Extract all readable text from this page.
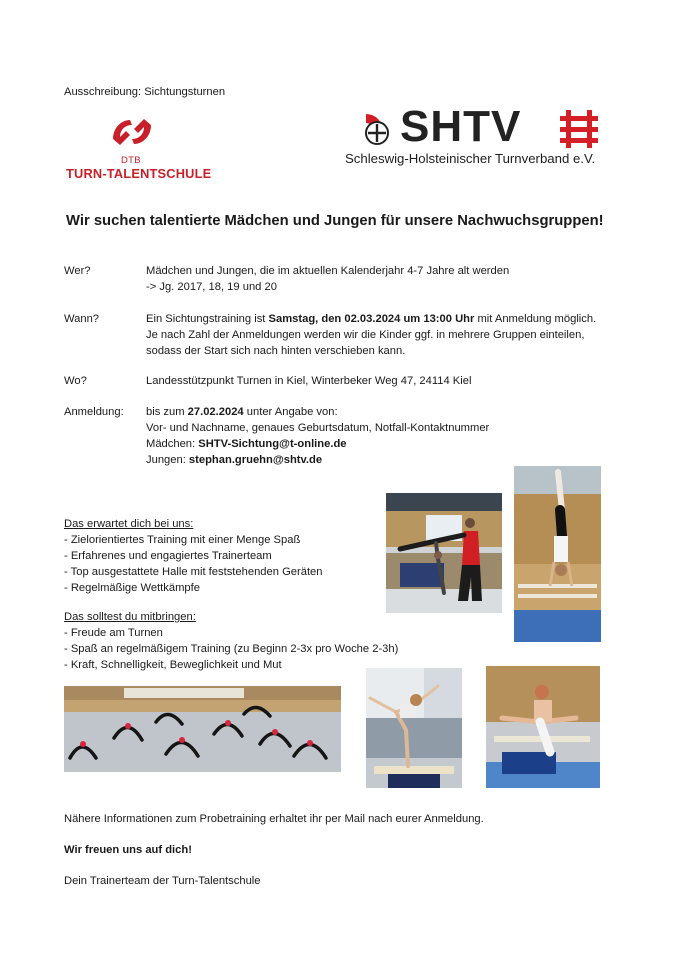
Ausschreibung: Sichtungsturnen
DTB
TURN-TALENTSCHULE
SHTV
Schleswig-Holsteinischer Turnverband e.V.
Wir suchen talentierte Mädchen und Jungen für unsere Nachwuchsgruppen!
Wer?	Mädchen und Jungen, die im aktuellen Kalenderjahr 4-7 Jahre alt werden
-> Jg. 2017, 18, 19 und 20
Wann?	Ein Sichtungstraining ist Samstag, den 02.03.2024 um 13:00 Uhr mit Anmeldung möglich.
Je nach Zahl der Anmeldungen werden wir die Kinder ggf. in mehrere Gruppen einteilen,
sodass der Start sich nach hinten verschieben kann.
Wo?	Landesstützpunkt Turnen in Kiel, Winterbeker Weg 47, 24114 Kiel
Anmeldung: bis zum 27.02.2024 unter Angabe von:
Vor- und Nachname, genaues Geburtsdatum, Notfall-Kontaktnummer
Mädchen: SHTV-Sichtung@t-online.de
Jungen: stephan.gruehn@shtv.de
Das erwartet dich bei uns:
- Zielorientiertes Training mit einer Menge Spaß
- Erfahrenes und engagiertes Trainerteam
- Top ausgestattete Halle mit feststehenden Geräten
- Regelmäßige Wettkämpfe
Das solltest du mitbringen:
- Freude am Turnen
- Spaß an regelmäßigem Training (zu Beginn 2-3x pro Woche 2-3h)
- Kraft, Schnelligkeit, Beweglichkeit und Mut
Nähere Informationen zum Probetraining erhaltet ihr per Mail nach eurer Anmeldung.
Wir freuen uns auf dich!
Dein Trainerteam der Turn-Talentschule
